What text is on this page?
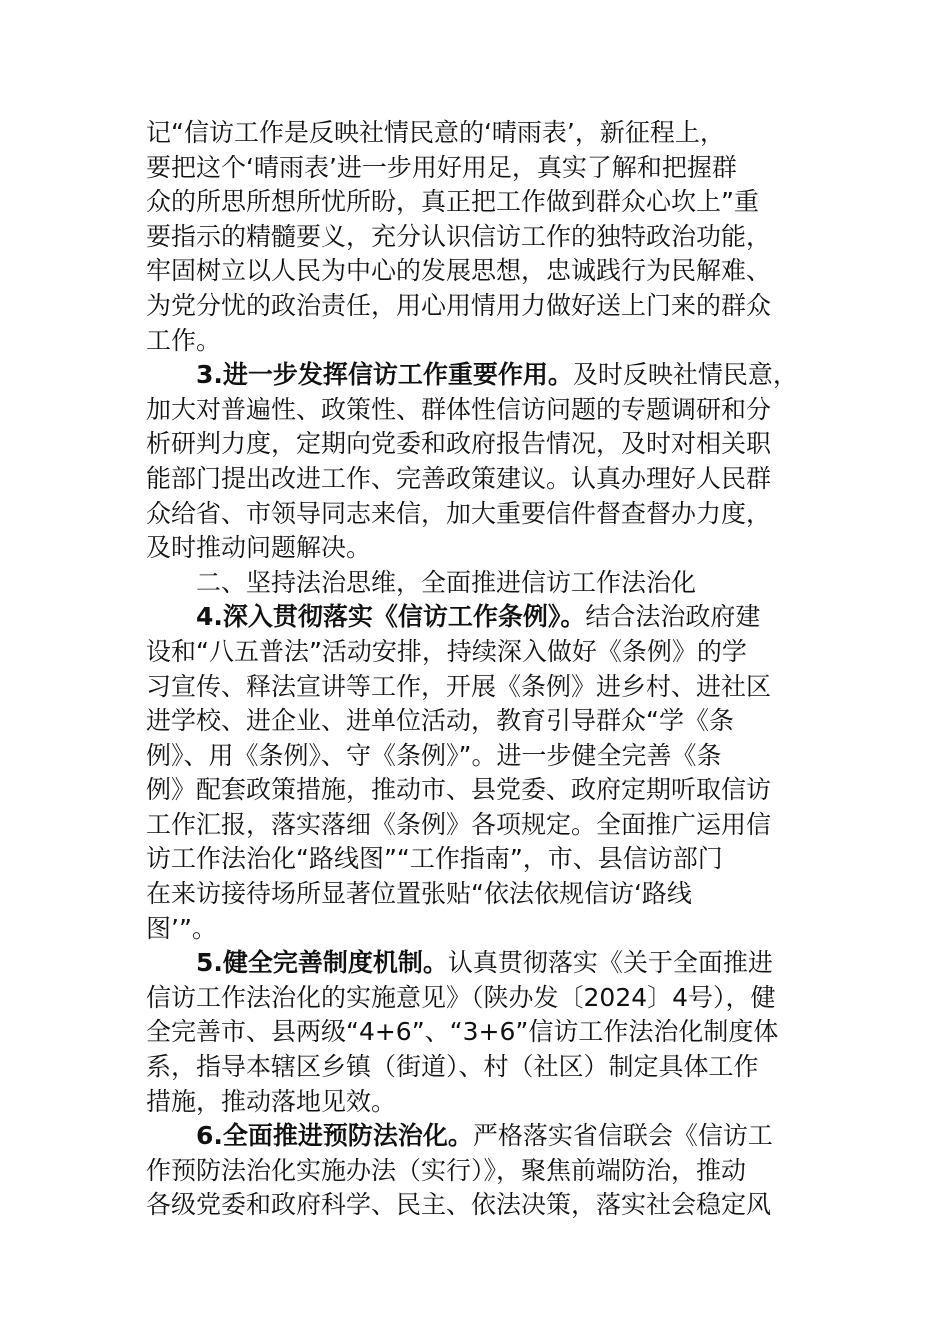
记“信访工作是反映社情民意的‘晴雨表’，新征程上，
要把这个‘晴雨表’进一步用好用足，真实了解和把握群
众的所思所想所忧所盼，真正把工作做到群众心坎上”重
要指示的精髓要义，充分认识信访工作的独特政治功能，
牢固树立以人民为中心的发展思想，忠诚践行为民解难、
为党分忧的政治责任，用心用情用力做好送上门来的群众
工作。
3.进一步发挥信访工作重要作用。及时反映社情民意，
加大对普遍性、政策性、群体性信访问题的专题调研和分
析研判力度，定期向党委和政府报告情况，及时对相关职
能部门提出改进工作、完善政策建议。认真办理好人民群
众给省、市领导同志来信，加大重要信件督查督办力度，
及时推动问题解决。
二、坚持法治思维，全面推进信访工作法治化
4.深入贯彻落实《信访工作条例》。结合法治政府建
设和“八五普法”活动安排，持续深入做好《条例》的学
习宣传、释法宣讲等工作，开展《条例》进乡村、进社区
进学校、进企业、进单位活动，教育引导群众“学《条
例》、用《条例》、守《条例》”。进一步健全完善《条
例》配套政策措施，推动市、县党委、政府定期听取信访
工作汇报，落实落细《条例》各项规定。全面推广运用信
访工作法治化“路线图”“工作指南”，市、县信访部门
在来访接待场所显著位置张贴“依法依规信访‘路线
图’”。
5.健全完善制度机制。认真贯彻落实《关于全面推进
信访工作法治化的实施意见》（陕办发〔2024〕4号），健
全完善市、县两级“4+6”、“3+6”信访工作法治化制度体
系，指导本辖区乡镇（街道）、村（社区）制定具体工作
措施，推动落地见效。
6.全面推进预防法治化。严格落实省信联会《信访工
作预防法治化实施办法（实行）》，聚焦前端防治，推动
各级党委和政府科学、民主、依法决策，落实社会稳定风
